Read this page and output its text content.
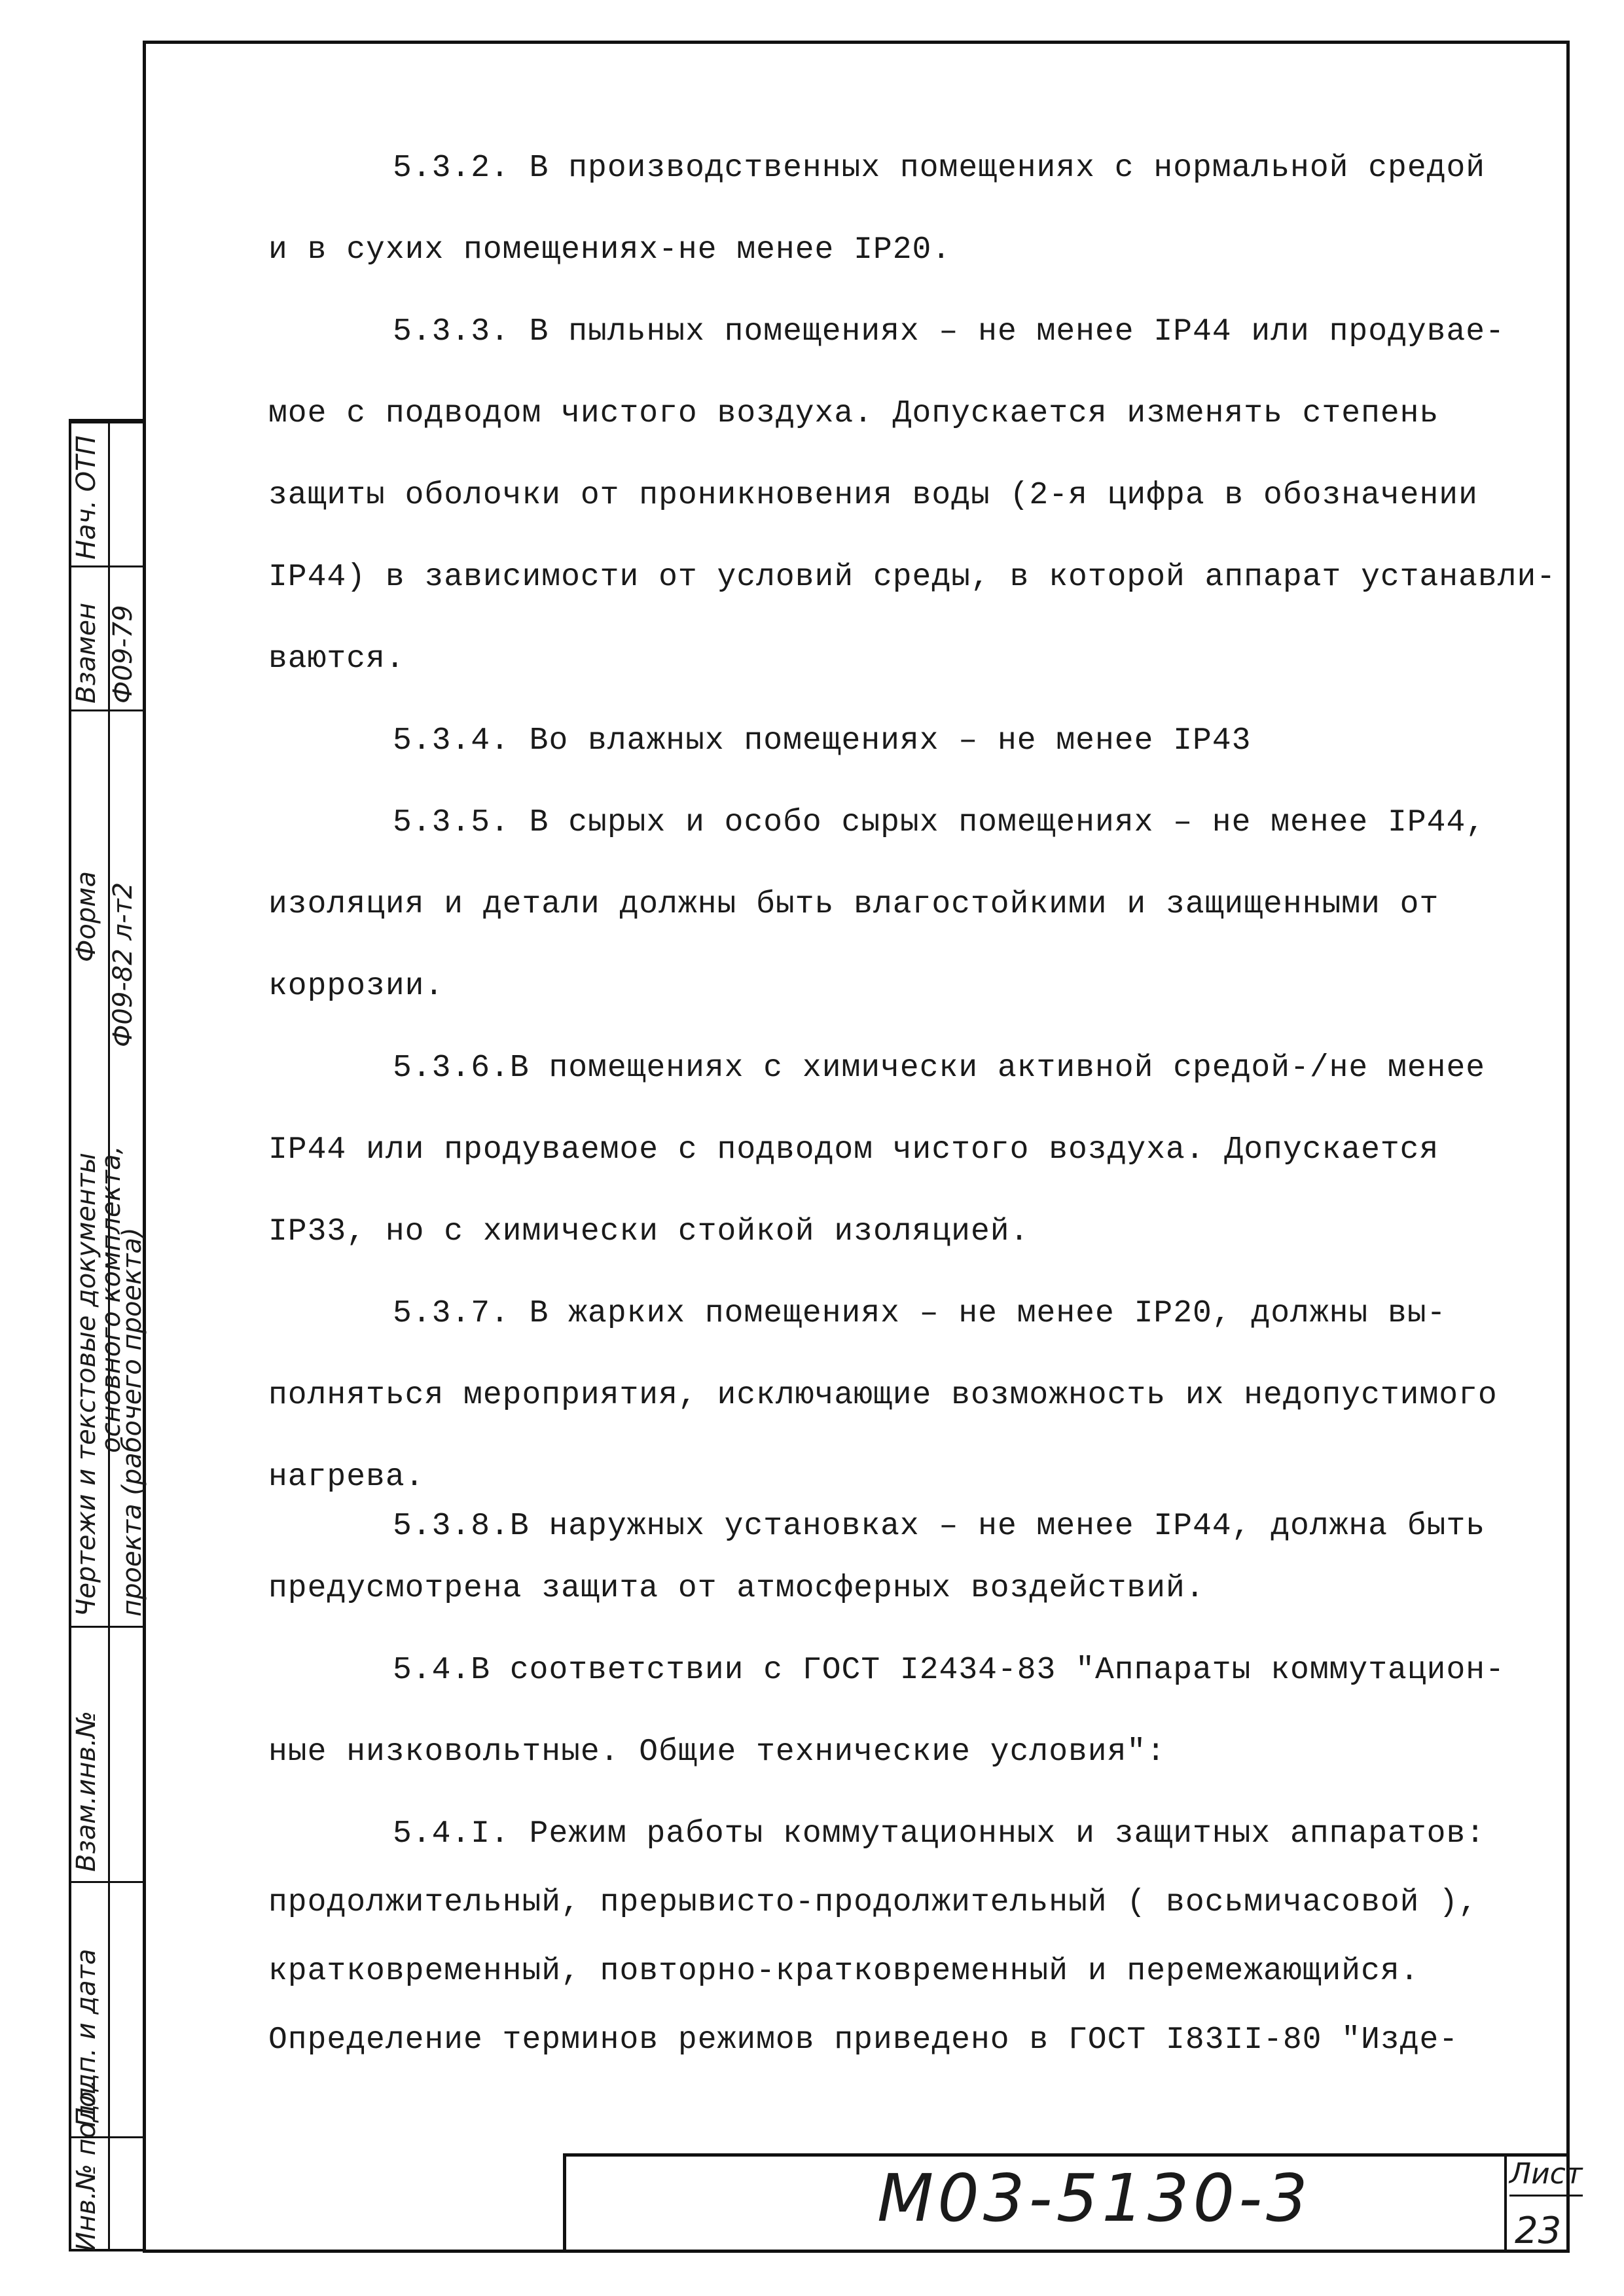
Нач. ОТП
Взамен Ф09-79
Форма Ф09-82 л-т2
Чертежи и текстовые документы
основного комплекта,
проекта (рабочего проекта)
Взам.инв.№
Подп. и дата
Инв.№ подл.
5.3.2. В производственных помещениях с нормальной средой
и в сухих помещениях-не менее IP20.
5.3.3. В пыльных помещениях – не менее IP44 или продувае-
мое с подводом чистого воздуха. Допускается изменять степень
защиты оболочки от проникновения воды (2-я цифра в обозначении
IP44) в зависимости от условий среды, в которой аппарат устанавли-
ваются.
5.3.4. Во влажных помещениях – не менее IP43
5.3.5. В сырых и особо сырых помещениях – не менее IP44,
изоляция и детали должны быть влагостойкими и защищенными от
коррозии.
5.3.6.В помещениях с химически активной средой-/не менее
IP44 или продуваемое с подводом чистого воздуха. Допускается
IP33, но с химически стойкой изоляцией.
5.3.7. В жарких помещениях – не менее IP20, должны вы-
полняться мероприятия, исключающие возможность их недопустимого
нагрева.
5.3.8.В наружных установках – не менее IP44, должна быть
предусмотрена защита от атмосферных воздействий.
5.4.В соответствии с ГОСТ I2434-83 "Аппараты коммутацион-
ные низковольтные. Общие технические условия":
5.4.I. Режим работы коммутационных и защитных аппаратов:
продолжительный, прерывисто-продолжительный ( восьмичасовой ),
кратковременный, повторно-кратковременный и перемежающийся.
Определение терминов режимов приведено в ГОСТ I83II-80 "Изде-
М03-5130-3	Лист
23
